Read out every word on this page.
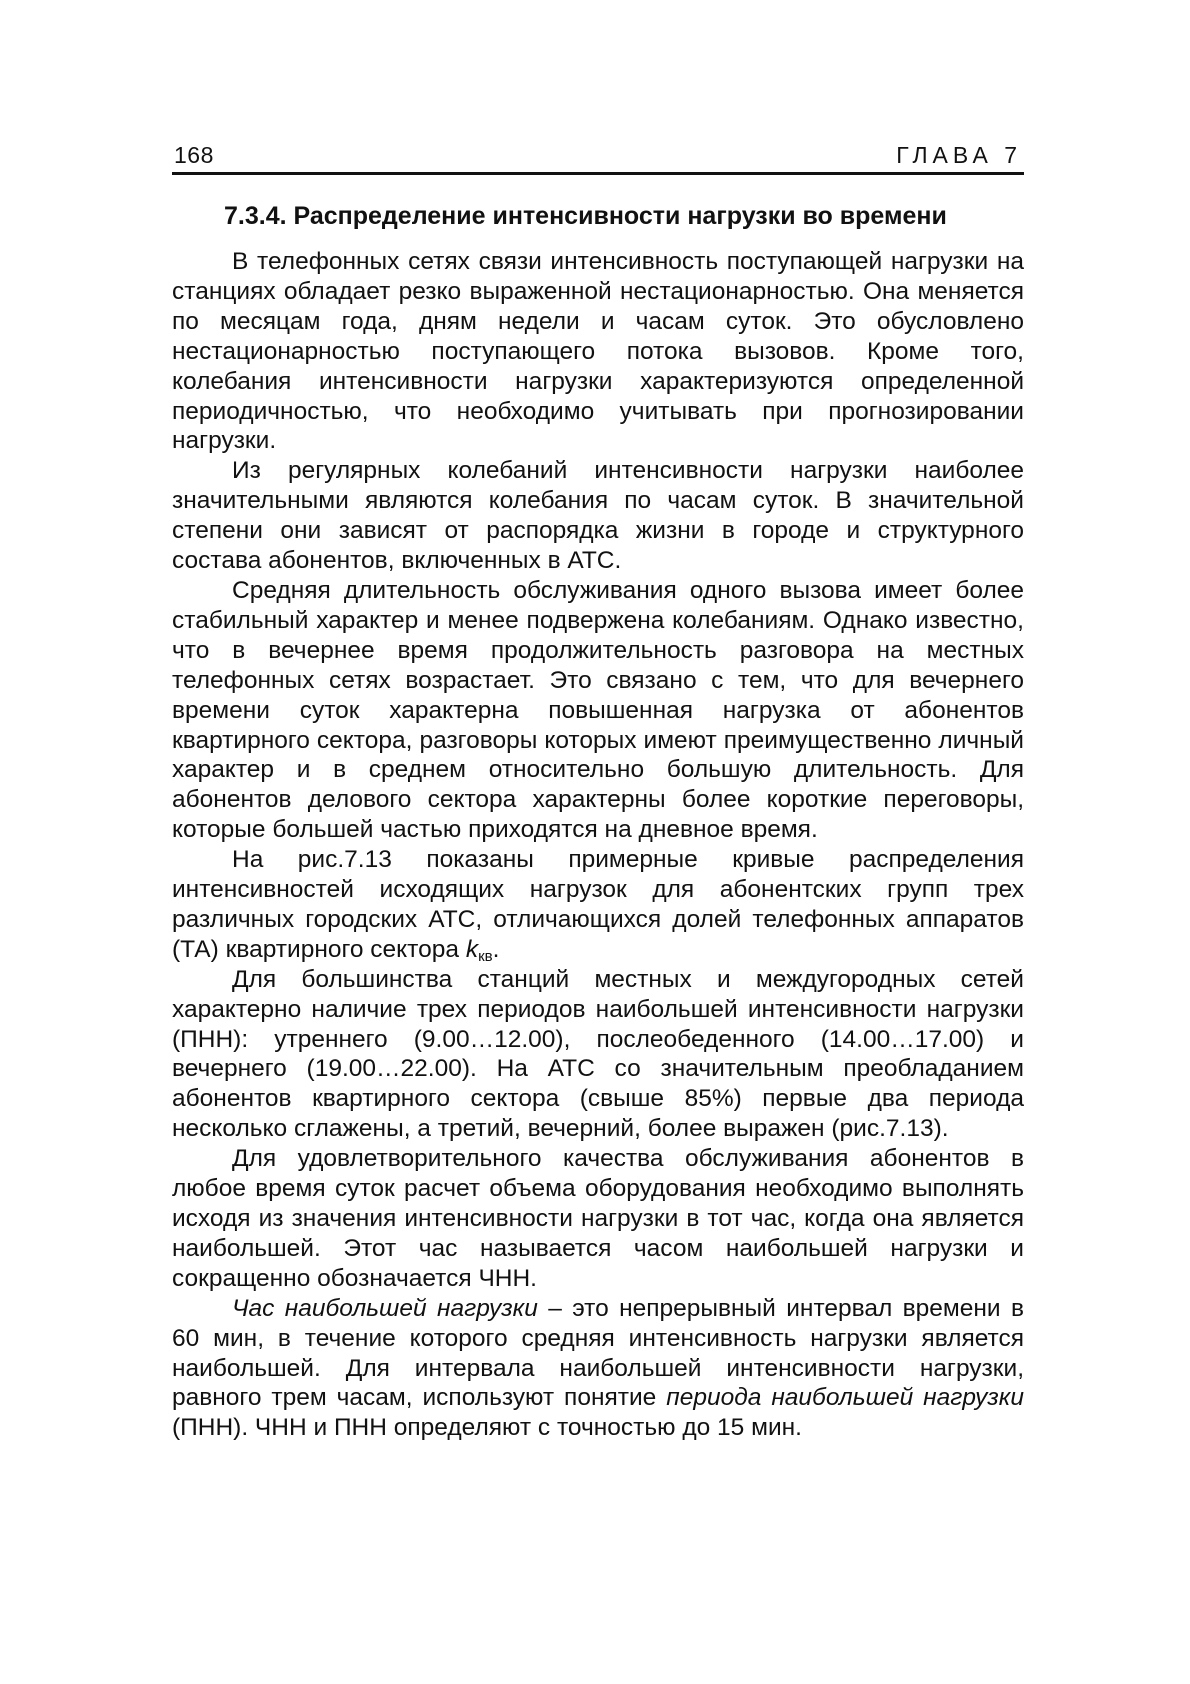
168	ГЛАВА 7
7.3.4. Распределение интенсивности нагрузки во времени

В телефонных сетях связи интенсивность поступающей нагрузки на станциях обладает резко выраженной нестационарностью. Она меняется по месяцам года, дням недели и часам суток. Это обусловлено нестационарностью поступающего потока вызовов. Кроме того, колебания интенсивности нагрузки характеризуются определенной периодичностью, что необходимо учитывать при прогнозировании нагрузки.

Из регулярных колебаний интенсивности нагрузки наиболее значительными являются колебания по часам суток. В значительной степени они зависят от распорядка жизни в городе и структурного состава абонентов, включенных в АТС.

Средняя длительность обслуживания одного вызова имеет более стабильный характер и менее подвержена колебаниям. Однако известно, что в вечернее время продолжительность разговора на местных телефонных сетях возрастает. Это связано с тем, что для вечернего времени суток характерна повышенная нагрузка от абонентов квартирного сектора, разговоры которых имеют преимущественно личный характер и в среднем относительно большую длительность. Для абонентов делового сектора характерны более короткие переговоры, которые большей частью приходятся на дневное время.

На рис.7.13 показаны примерные кривые распределения интенсивностей исходящих нагрузок для абонентских групп трех различных городских АТС, отличающихся долей телефонных аппаратов (ТА) квартирного сектора $k_{кв}$.

Для большинства станций местных и междугородных сетей характерно наличие трех периодов наибольшей интенсивности нагрузки (ПНН): утреннего (9.00…12.00), послеобеденного (14.00…17.00) и вечернего (19.00…22.00). На АТС со значительным преобладанием абонентов квартирного сектора (свыше 85%) первые два периода несколько сглажены, а третий, вечерний, более выражен (рис.7.13).

Для удовлетворительного качества обслуживания абонентов в любое время суток расчет объема оборудования необходимо выполнять исходя из значения интенсивности нагрузки в тот час, когда она является наибольшей. Этот час называется часом наибольшей нагрузки и сокращенно обозначается ЧНН.

Час наибольшей нагрузки – это непрерывный интервал времени в 60 мин, в течение которого средняя интенсивность нагрузки является наибольшей. Для интервала наибольшей интенсивности нагрузки, равного трем часам, используют понятие периода наибольшей нагрузки (ПНН). ЧНН и ПНН определяют с точностью до 15 мин.
